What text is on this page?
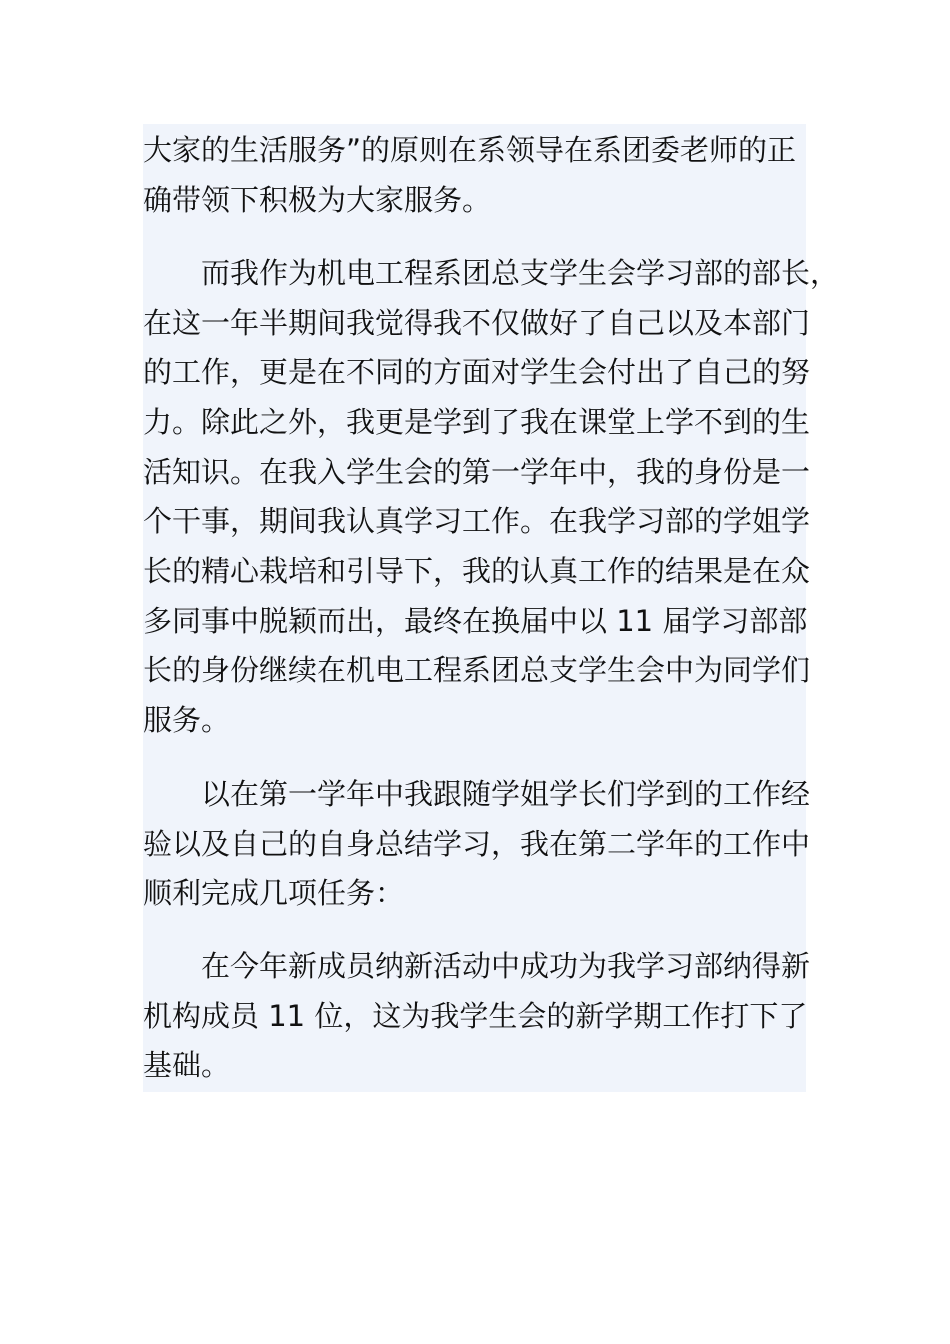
大家的生活服务”的原则在系领导在系团委老师的正
确带领下积极为大家服务。
而我作为机电工程系团总支学生会学习部的部长，
在这一年半期间我觉得我不仅做好了自己以及本部门
的工作，更是在不同的方面对学生会付出了自己的努
力。除此之外，我更是学到了我在课堂上学不到的生
活知识。在我入学生会的第一学年中，我的身份是一
个干事，期间我认真学习工作。在我学习部的学姐学
长的精心栽培和引导下，我的认真工作的结果是在众
多同事中脱颖而出，最终在换届中以 11 届学习部部
长的身份继续在机电工程系团总支学生会中为同学们
服务。
以在第一学年中我跟随学姐学长们学到的工作经
验以及自己的自身总结学习，我在第二学年的工作中
顺利完成几项任务：
在今年新成员纳新活动中成功为我学习部纳得新
机构成员 11 位，这为我学生会的新学期工作打下了
基础。
